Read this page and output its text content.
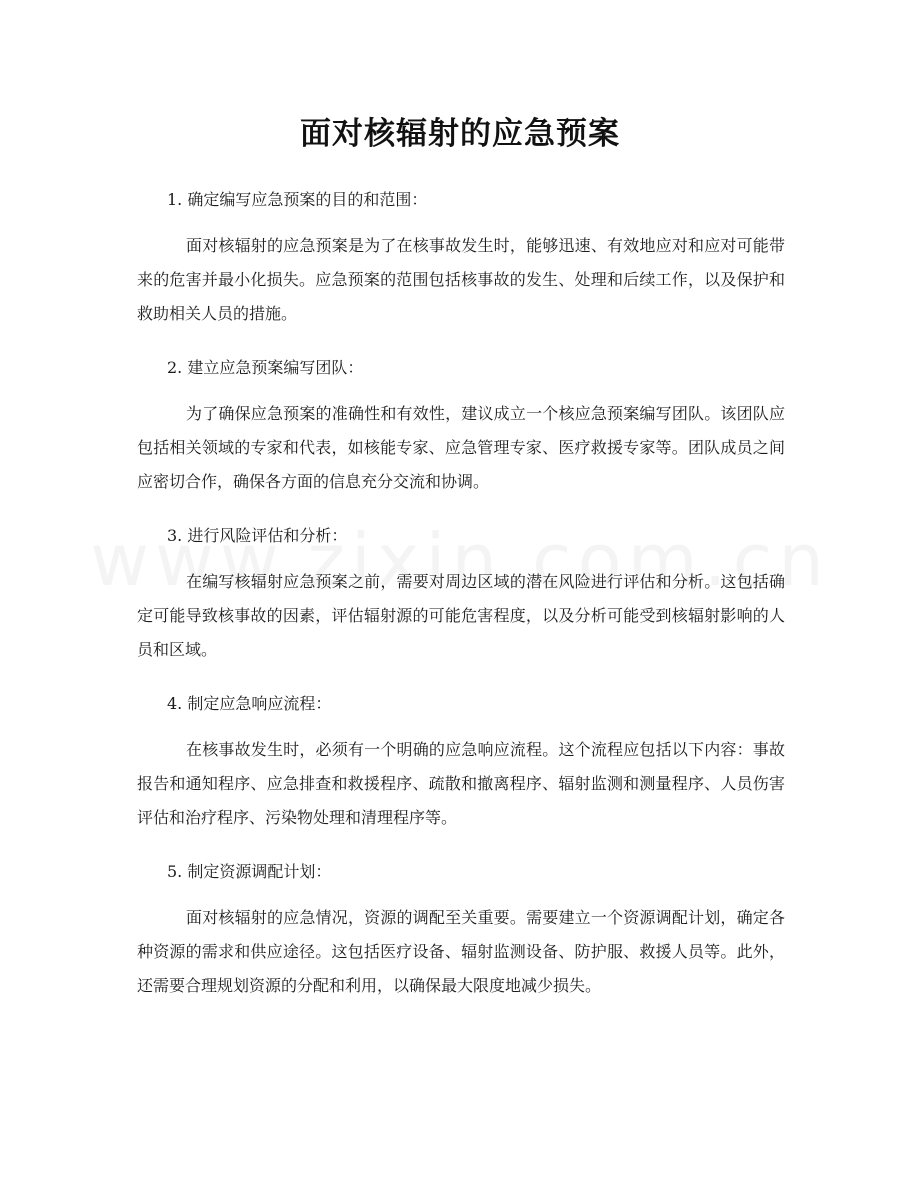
面对核辐射的应急预案
1. 确定编写应急预案的目的和范围：

面对核辐射的应急预案是为了在核事故发生时，能够迅速、有效地应对和应对可能带来的危害并最小化损失。应急预案的范围包括核事故的发生、处理和后续工作，以及保护和救助相关人员的措施。

2. 建立应急预案编写团队：

为了确保应急预案的准确性和有效性，建议成立一个核应急预案编写团队。该团队应包括相关领域的专家和代表，如核能专家、应急管理专家、医疗救援专家等。团队成员之间应密切合作，确保各方面的信息充分交流和协调。

3. 进行风险评估和分析：

在编写核辐射应急预案之前，需要对周边区域的潜在风险进行评估和分析。这包括确定可能导致核事故的因素，评估辐射源的可能危害程度，以及分析可能受到核辐射影响的人员和区域。

4. 制定应急响应流程：

在核事故发生时，必须有一个明确的应急响应流程。这个流程应包括以下内容：事故报告和通知程序、应急排查和救援程序、疏散和撤离程序、辐射监测和测量程序、人员伤害评估和治疗程序、污染物处理和清理程序等。

5. 制定资源调配计划：

面对核辐射的应急情况，资源的调配至关重要。需要建立一个资源调配计划，确定各种资源的需求和供应途径。这包括医疗设备、辐射监测设备、防护服、救援人员等。此外，还需要合理规划资源的分配和利用，以确保最大限度地减少损失。
